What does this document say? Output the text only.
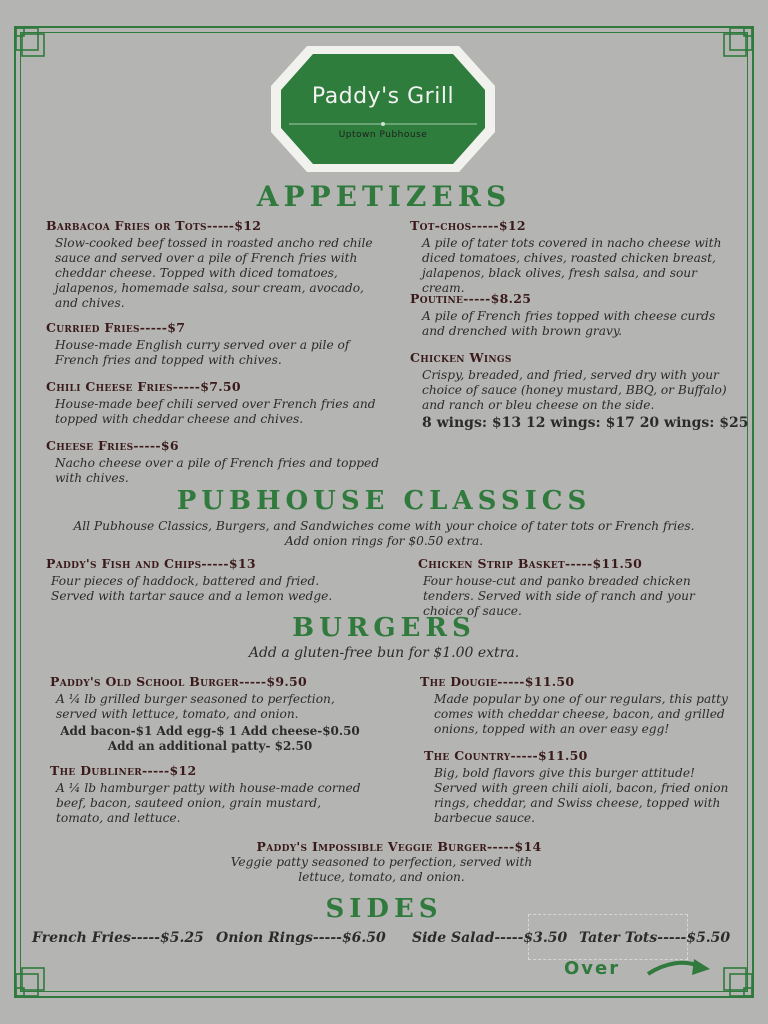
Paddy's Grill
Uptown Pubhouse
APPETIZERS
Barbacoa Fries or Tots-----$12
Slow-cooked beef tossed in roasted ancho red chile sauce and served over a pile of French fries with cheddar cheese. Topped with diced tomatoes, jalapenos, homemade salsa, sour cream, avocado, and chives.
Curried Fries-----$7
House-made English curry served over a pile of French fries and topped with chives.
Chili Cheese Fries-----$7.50
House-made beef chili served over French fries and topped with cheddar cheese and chives.
Cheese Fries-----$6
Nacho cheese over a pile of French fries and topped with chives.
Tot-chos-----$12
A pile of tater tots covered in nacho cheese with diced tomatoes, chives, roasted chicken breast, jalapenos, black olives, fresh salsa, and sour cream.
Poutine-----$8.25
A pile of French fries topped with cheese curds and drenched with brown gravy.
Chicken Wings
Crispy, breaded, and fried, served dry with your choice of sauce (honey mustard, BBQ, or Buffalo) and ranch or bleu cheese on the side.
8 wings: $13 12 wings: $17 20 wings: $25
PUBHOUSE CLASSICS
All Pubhouse Classics, Burgers, and Sandwiches come with your choice of tater tots or French fries.
Add onion rings for $0.50 extra.
Paddy's Fish and Chips-----$13
Four pieces of haddock, battered and fried. Served with tartar sauce and a lemon wedge.
Chicken Strip Basket-----$11.50
Four house-cut and panko breaded chicken tenders. Served with side of ranch and your choice of sauce.
BURGERS
Add a gluten-free bun for $1.00 extra.
Paddy's Old School Burger-----$9.50
A ¼ lb grilled burger seasoned to perfection, served with lettuce, tomato, and onion.
Add bacon-$1 Add egg-$ 1 Add cheese-$0.50
Add an additional patty- $2.50
The Dubliner-----$12
A ¼ lb hamburger patty with house-made corned beef, bacon, sauteed onion, grain mustard, tomato, and lettuce.
The Dougie-----$11.50
Made popular by one of our regulars, this patty comes with cheddar cheese, bacon, and grilled onions, topped with an over easy egg!
The Country-----$11.50
Big, bold flavors give this burger attitude! Served with green chili aioli, bacon, fried onion rings, cheddar, and Swiss cheese, topped with barbecue sauce.
Paddy's Impossible Veggie Burger-----$14
Veggie patty seasoned to perfection, served with
lettuce, tomato, and onion.
SIDES
French Fries-----$5.25 Onion Rings-----$6.50 Side Salad-----$3.50 Tater Tots-----$5.50
Over
